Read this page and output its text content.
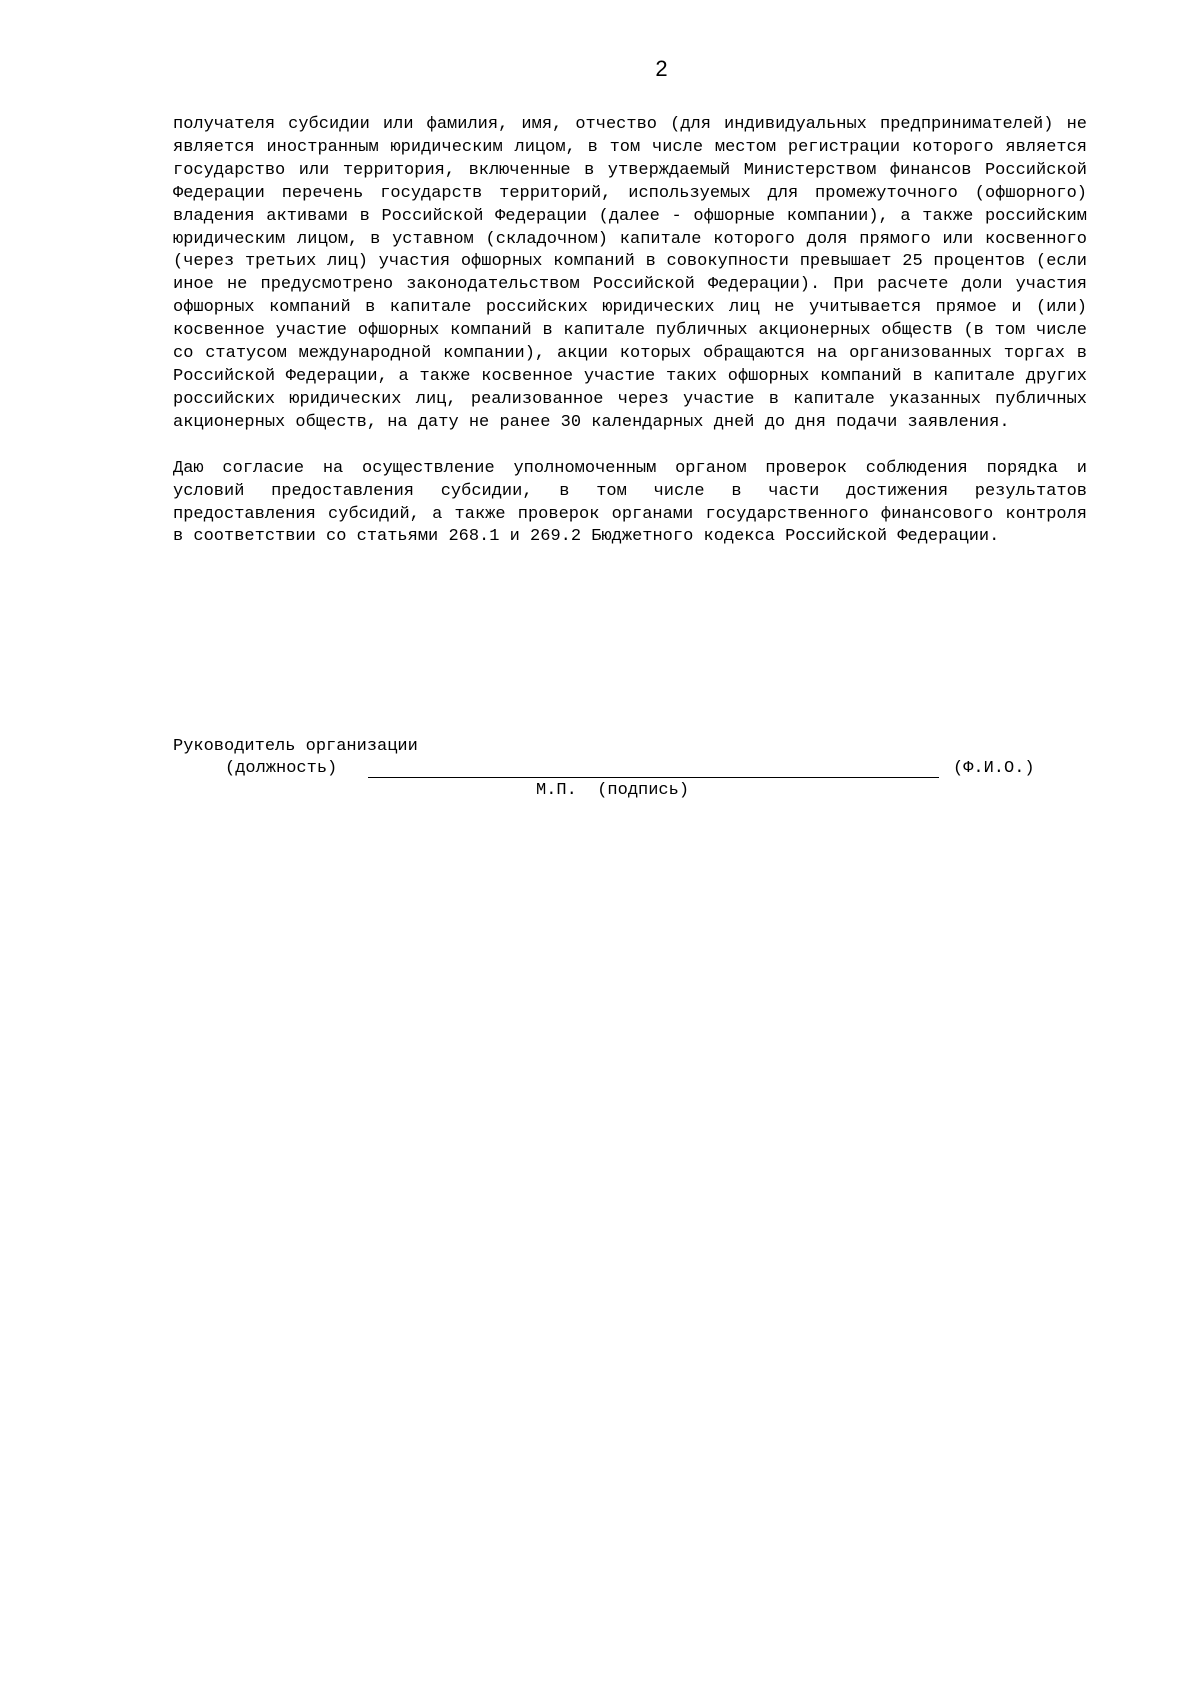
2

получателя субсидии или фамилия, имя, отчество (для индивидуальных предпринимателей) не является иностранным юридическим лицом, в том числе местом регистрации которого является государство или территория, включенные в утверждаемый Министерством финансов Российской Федерации перечень государств территорий, используемых для промежуточного (офшорного) владения активами в Российской Федерации (далее - офшорные компании), а также российским юридическим лицом, в уставном (складочном) капитале которого доля прямого или косвенного (через третьих лиц) участия офшорных компаний в совокупности превышает 25 процентов (если иное не предусмотрено законодательством Российской Федерации). При расчете доли участия офшорных компаний в капитале российских юридических лиц не учитывается прямое и (или) косвенное участие офшорных компаний в капитале публичных акционерных обществ (в том числе со статусом международной компании), акции которых обращаются на организованных торгах в Российской Федерации, а также косвенное участие таких офшорных компаний в капитале других российских юридических лиц, реализованное через участие в капитале указанных публичных акционерных обществ, на дату не ранее 30 календарных дней до дня подачи заявления.

Даю согласие на осуществление уполномоченным органом проверок соблюдения порядка и условий предоставления субсидии, в том числе в части достижения результатов предоставления субсидий, а также проверок органами государственного финансового контроля в соответствии со статьями 268.1 и 269.2 Бюджетного кодекса Российской Федерации.

Руководитель организации
(должность)	(Ф.И.О.)
М.П.  (подпись)
